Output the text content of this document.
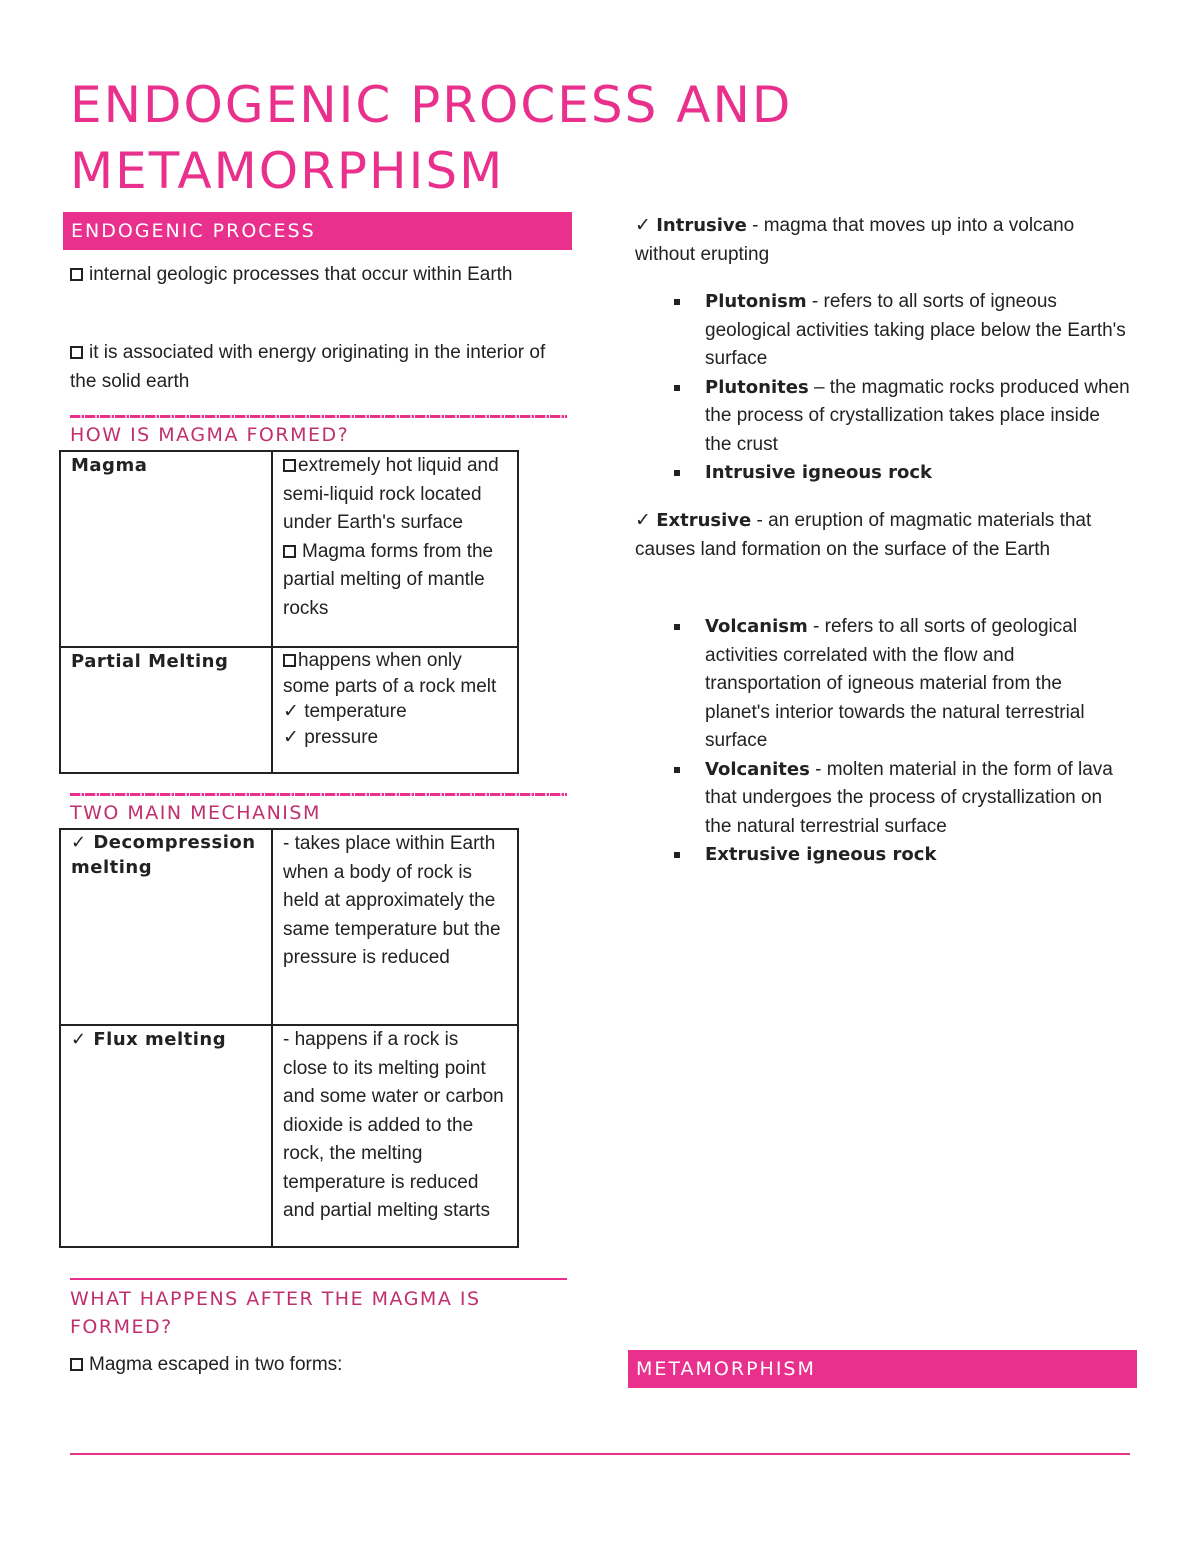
ENDOGENIC PROCESS AND
METAMORPHISM
ENDOGENIC PROCESS
internal geologic processes that occur within Earth
it is associated with energy originating in the interior of the solid earth
HOW IS MAGMA FORMED?
Magma	extremely hot liquid and semi-liquid rock located under Earth's surface
Magma forms from the partial melting of mantle rocks

Partial Melting	happens when only some parts of a rock melt
✓ temperature
✓ pressure
TWO MAIN MECHANISM
✓ Decompression melting	- takes place within Earth when a body of rock is held at approximately the same temperature but the pressure is reduced
✓ Flux melting	- happens if a rock is close to its melting point and some water or carbon dioxide is added to the rock, the melting temperature is reduced and partial melting starts
WHAT HAPPENS AFTER THE MAGMA IS FORMED?
Magma escaped in two forms:
✓ Intrusive - magma that moves up into a volcano without erupting
Plutonism - refers to all sorts of igneous geological activities taking place below the Earth's surface
Plutonites – the magmatic rocks produced when the process of crystallization takes place inside the crust
Intrusive igneous rock
✓ Extrusive - an eruption of magmatic materials that causes land formation on the surface of the Earth
Volcanism - refers to all sorts of geological activities correlated with the flow and transportation of igneous material from the planet's interior towards the natural terrestrial surface
Volcanites - molten material in the form of lava that undergoes the process of crystallization on the natural terrestrial surface
Extrusive igneous rock
METAMORPHISM
